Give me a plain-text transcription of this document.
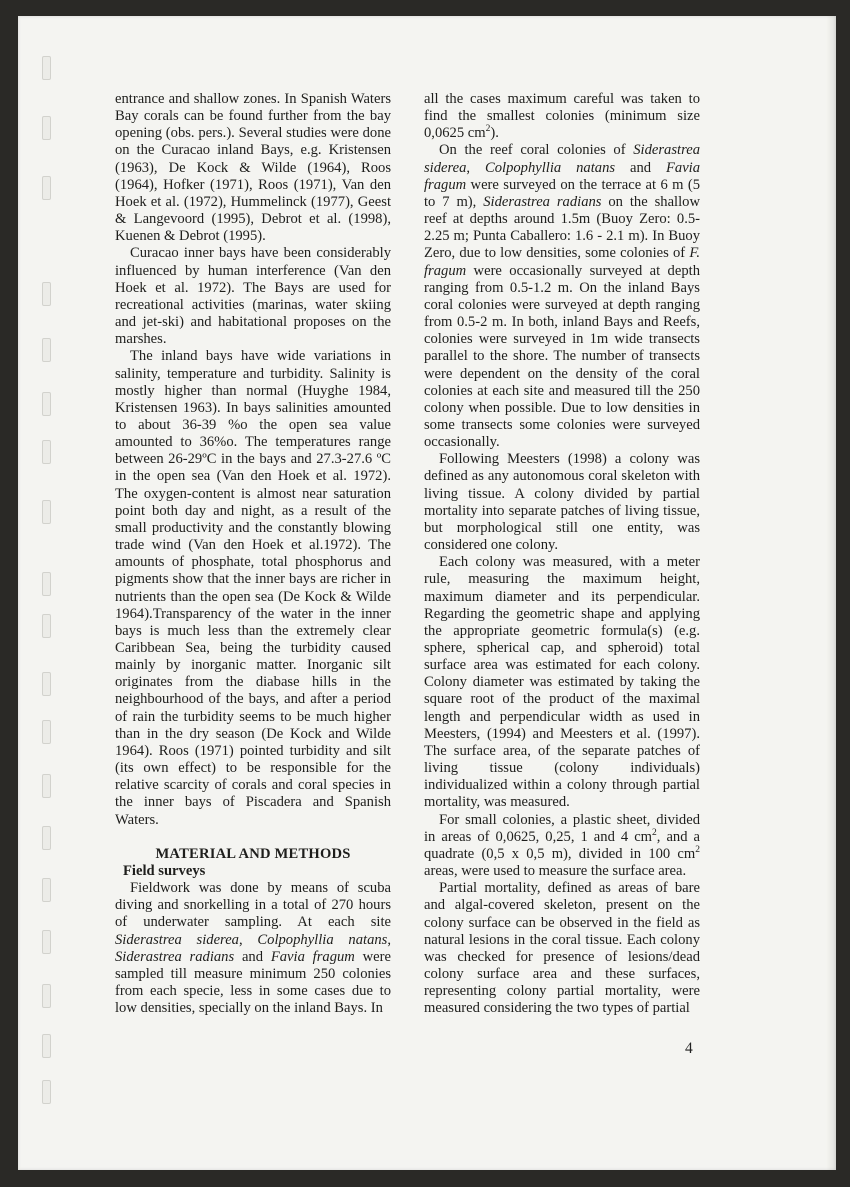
entrance and shallow zones. In Spanish Waters Bay corals can be found further from the bay opening (obs. pers.). Several studies were done on the Curacao inland Bays, e.g. Kristensen (1963), De Kock & Wilde (1964), Roos (1964), Hofker (1971), Roos (1971), Van den Hoek et al. (1972), Hummelinck (1977), Geest & Langevoord (1995), Debrot et al. (1998), Kuenen & Debrot (1995).

Curacao inner bays have been considerably influenced by human interference (Van den Hoek et al. 1972). The Bays are used for recreational activities (marinas, water skiing and jet-ski) and habitational proposes on the marshes.

The inland bays have wide variations in salinity, temperature and turbidity. Salinity is mostly higher than normal (Huyghe 1984, Kristensen 1963). In bays salinities amounted to about 36-39 %o the open sea value amounted to 36%o. The temperatures range between 26-29ºC in the bays and 27.3-27.6 ºC in the open sea (Van den Hoek et al. 1972). The oxygen-content is almost near saturation point both day and night, as a result of the small productivity and the constantly blowing trade wind (Van den Hoek et al.1972). The amounts of phosphate, total phosphorus and pigments show that the inner bays are richer in nutrients than the open sea (De Kock & Wilde 1964).Transparency of the water in the inner bays is much less than the extremely clear Caribbean Sea, being the turbidity caused mainly by inorganic matter. Inorganic silt originates from the diabase hills in the neighbourhood of the bays, and after a period of rain the turbidity seems to be much higher than in the dry season (De Kock and Wilde 1964). Roos (1971) pointed turbidity and silt (its own effect) to be responsible for the relative scarcity of corals and coral species in the inner bays of Piscadera and Spanish Waters.

MATERIAL AND METHODS
Field surveys

Fieldwork was done by means of scuba diving and snorkelling in a total of 270 hours of underwater sampling. At each site Siderastrea siderea, Colpophyllia natans, Siderastrea radians and Favia fragum were sampled till measure minimum 250 colonies from each specie, less in some cases due to low densities, specially on the inland Bays. In

all the cases maximum careful was taken to find the smallest colonies (minimum size 0,0625 $cm^2$).

On the reef coral colonies of Siderastrea siderea, Colpophyllia natans and Favia fragum were surveyed on the terrace at 6 m (5 to 7 m), Siderastrea radians on the shallow reef at depths around 1.5m (Buoy Zero: 0.5-2.25 m; Punta Caballero: 1.6 - 2.1 m). In Buoy Zero, due to low densities, some colonies of F. fragum were occasionally surveyed at depth ranging from 0.5-1.2 m. On the inland Bays coral colonies were surveyed at depth ranging from 0.5-2 m. In both, inland Bays and Reefs, colonies were surveyed in 1m wide transects parallel to the shore. The number of transects were dependent on the density of the coral colonies at each site and measured till the 250 colony when possible. Due to low densities in some transects some colonies were surveyed occasionally.

Following Meesters (1998) a colony was defined as any autonomous coral skeleton with living tissue. A colony divided by partial mortality into separate patches of living tissue, but morphological still one entity, was considered one colony.

Each colony was measured, with a meter rule, measuring the maximum height, maximum diameter and its perpendicular. Regarding the geometric shape and applying the appropriate geometric formula(s) (e.g. sphere, spherical cap, and spheroid) total surface area was estimated for each colony. Colony diameter was estimated by taking the square root of the product of the maximal length and perpendicular width as used in Meesters, (1994) and Meesters et al. (1997). The surface area, of the separate patches of living tissue (colony individuals) individualized within a colony through partial mortality, was measured.

For small colonies, a plastic sheet, divided in areas of 0,0625, 0,25, 1 and 4 $cm^2$, and a quadrate (0,5 x 0,5 m), divided in 100 $cm^2$ areas, were used to measure the surface area.

Partial mortality, defined as areas of bare and algal-covered skeleton, present on the colony surface can be observed in the field as natural lesions in the coral tissue. Each colony was checked for presence of lesions/dead colony surface area and these surfaces, representing colony partial mortality, were measured considering the two types of partial

4
